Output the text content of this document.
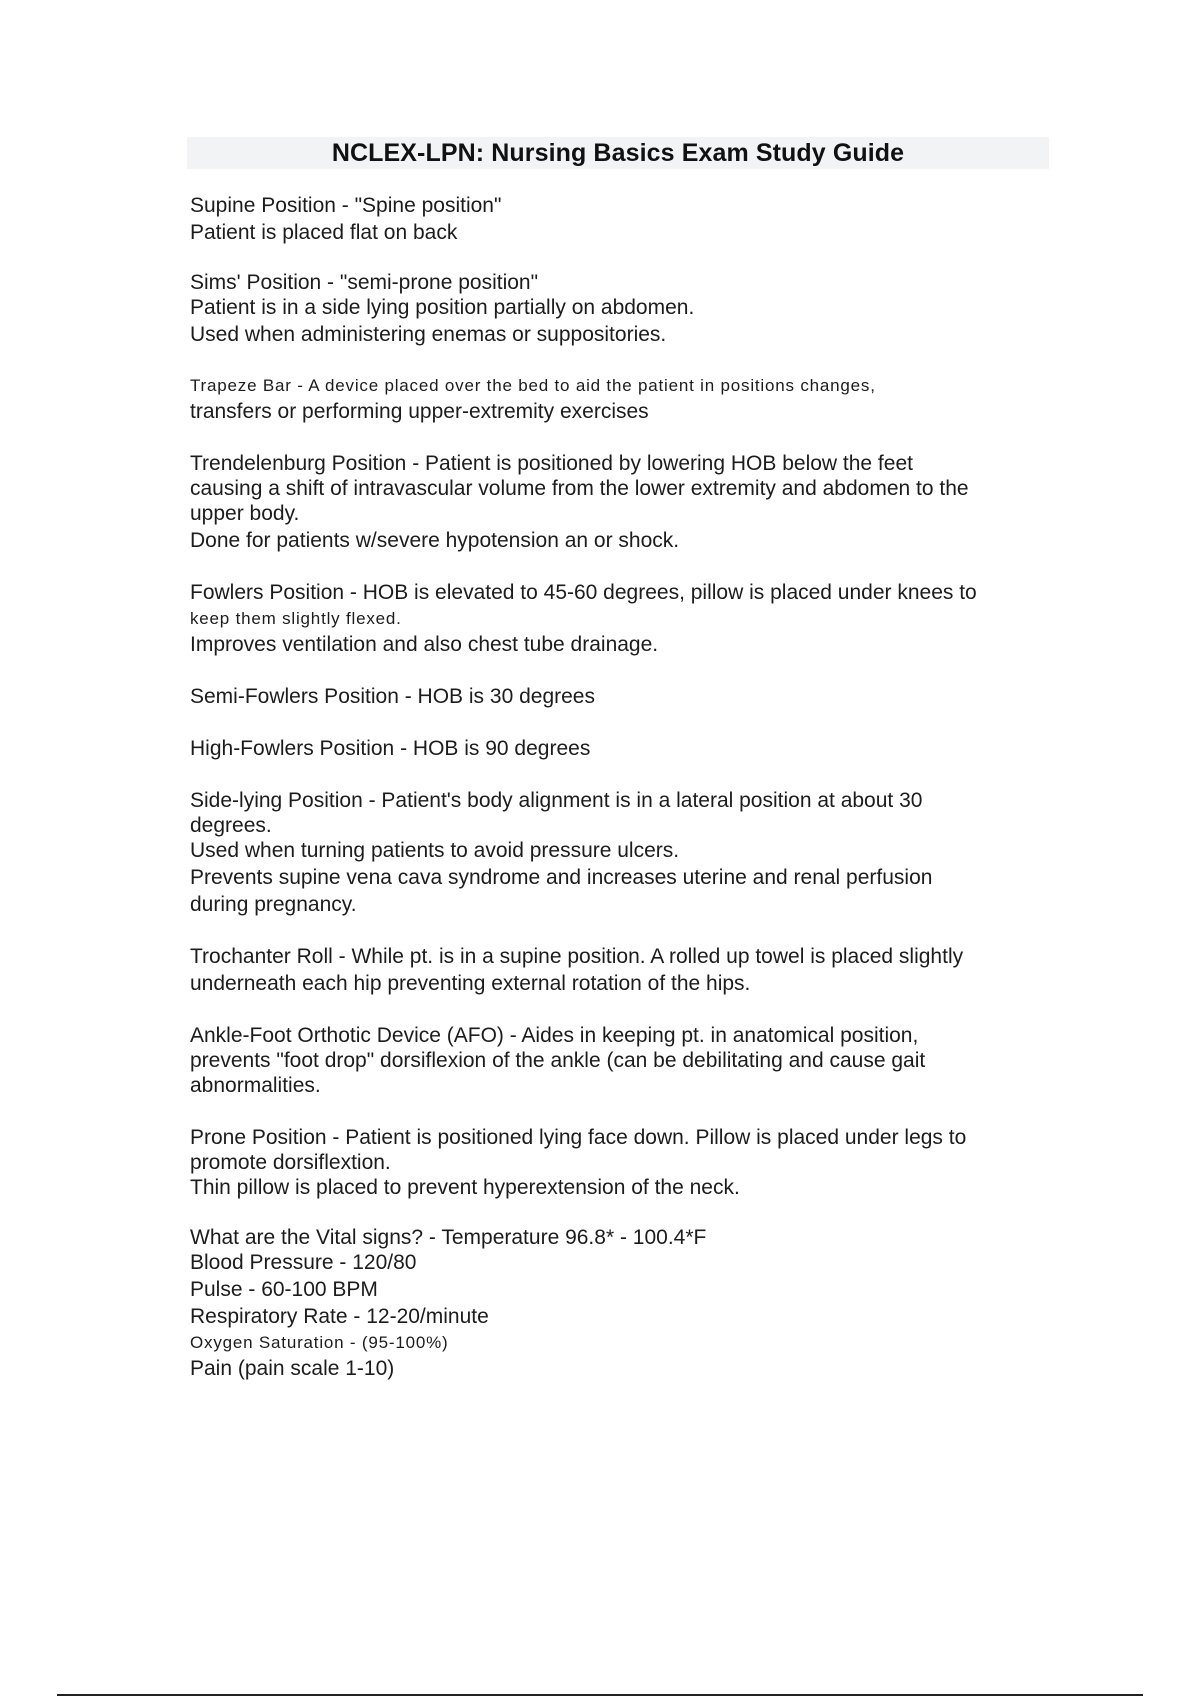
NCLEX-LPN: Nursing Basics Exam Study Guide
Supine Position - "Spine position"
Patient is placed flat on back
Sims' Position - "semi-prone position"
Patient is in a side lying position partially on abdomen.
Used when administering enemas or suppositories.
Trapeze Bar - A device placed over the bed to aid the patient in positions changes,
transfers or performing upper-extremity exercises
Trendelenburg Position - Patient is positioned by lowering HOB below the feet
causing a shift of intravascular volume from the lower extremity and abdomen to the
upper body.
Done for patients w/severe hypotension an or shock.
Fowlers Position - HOB is elevated to 45-60 degrees, pillow is placed under knees to
keep them slightly flexed.
Improves ventilation and also chest tube drainage.
Semi-Fowlers Position - HOB is 30 degrees
High-Fowlers Position - HOB is 90 degrees
Side-lying Position - Patient's body alignment is in a lateral position at about 30
degrees.
Used when turning patients to avoid pressure ulcers.
Prevents supine vena cava syndrome and increases uterine and renal perfusion
during pregnancy.
Trochanter Roll - While pt. is in a supine position. A rolled up towel is placed slightly
underneath each hip preventing external rotation of the hips.
Ankle-Foot Orthotic Device (AFO) - Aides in keeping pt. in anatomical position,
prevents "foot drop" dorsiflexion of the ankle (can be debilitating and cause gait
abnormalities.
Prone Position - Patient is positioned lying face down. Pillow is placed under legs to
promote dorsiflextion.
Thin pillow is placed to prevent hyperextension of the neck.
What are the Vital signs? - Temperature 96.8* - 100.4*F
Blood Pressure - 120/80
Pulse - 60-100 BPM
Respiratory Rate - 12-20/minute
Oxygen Saturation - (95-100%)
Pain (pain scale 1-10)
